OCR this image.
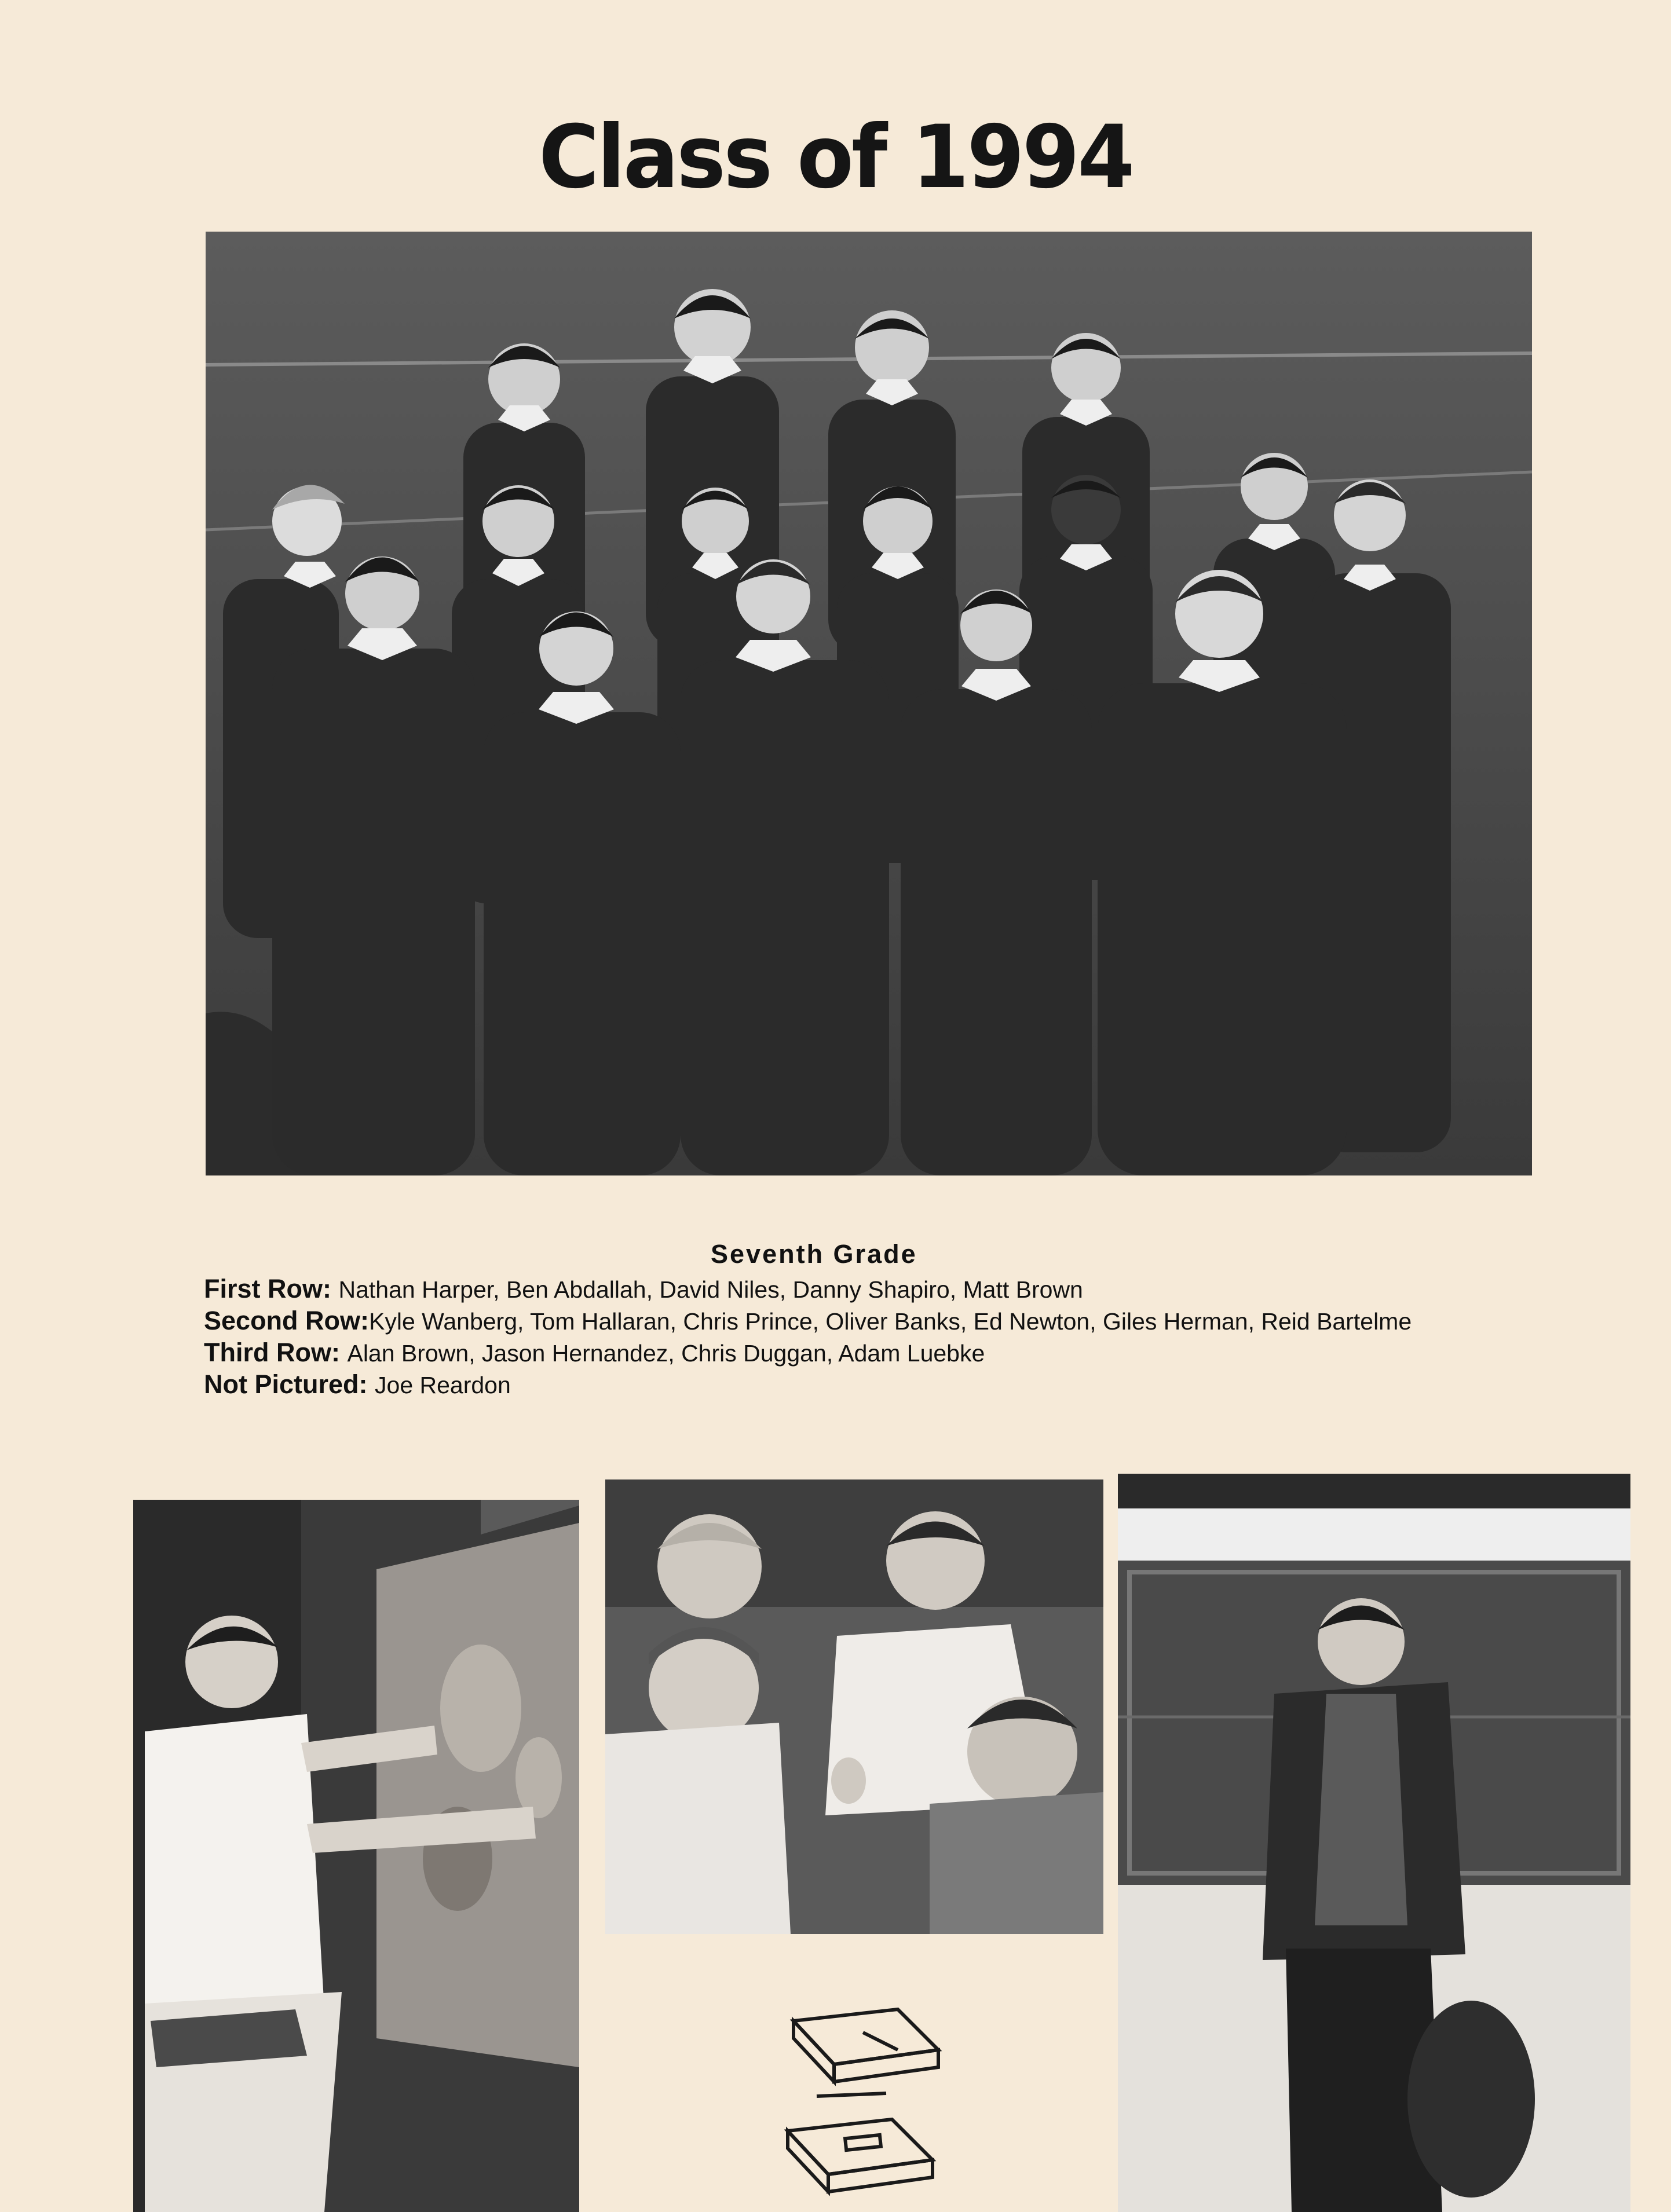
Class of 1994
Seventh Grade
First Row: Nathan Harper, Ben Abdallah, David Niles, Danny Shapiro, Matt Brown
Second Row:Kyle Wanberg, Tom Hallaran, Chris Prince, Oliver Banks, Ed Newton, Giles Herman, Reid Bartelme
Third Row: Alan Brown, Jason Hernandez, Chris Duggan, Adam Luebke
Not Pictured: Joe Reardon
